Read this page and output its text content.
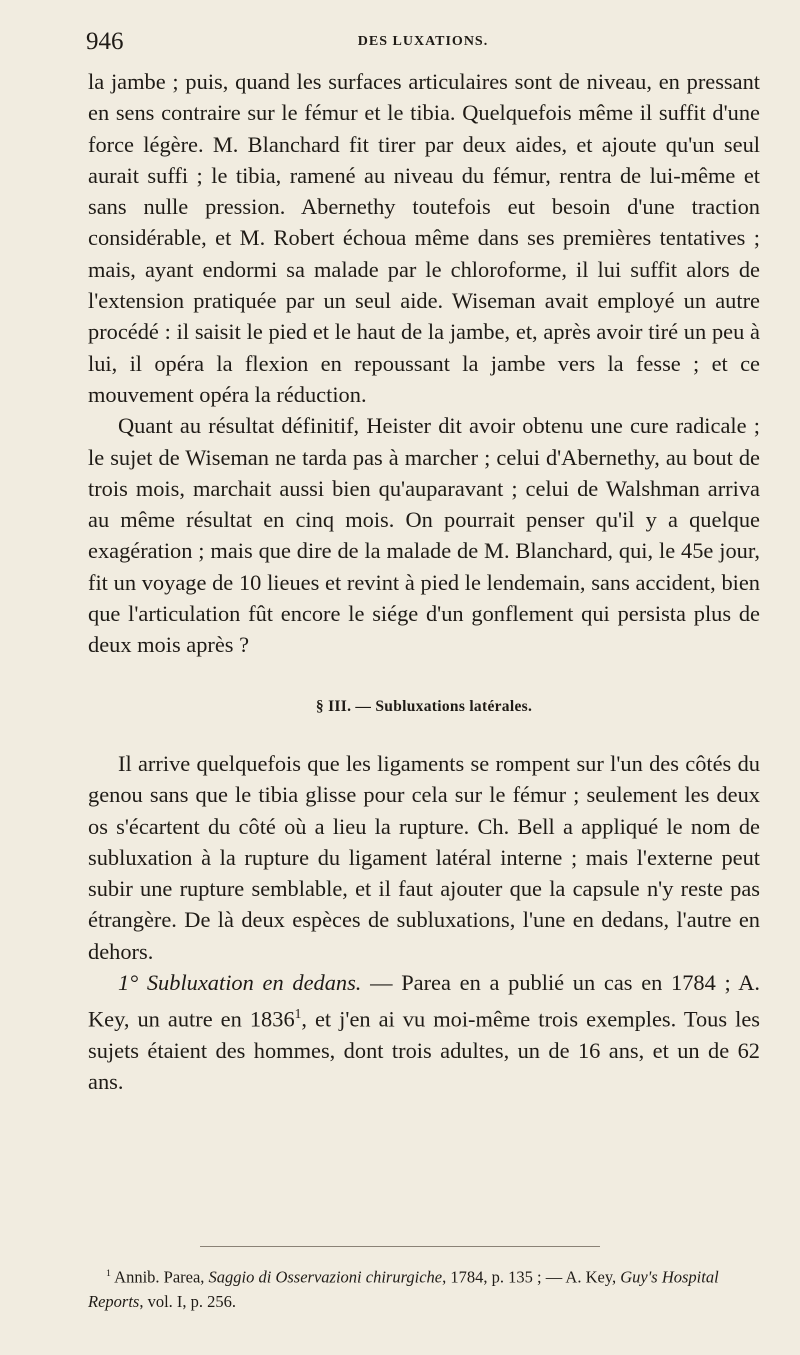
946	DES LUXATIONS.

la jambe ; puis, quand les surfaces articulaires sont de niveau, en pressant en sens contraire sur le fémur et le tibia. Quelquefois même il suffit d'une force légère. M. Blanchard fit tirer par deux aides, et ajoute qu'un seul aurait suffi ; le tibia, ramené au niveau du fémur, rentra de lui-même et sans nulle pression. Abernethy toutefois eut besoin d'une traction considérable, et M. Robert échoua même dans ses premières tentatives ; mais, ayant endormi sa malade par le chloroforme, il lui suffit alors de l'extension pratiquée par un seul aide. Wiseman avait employé un autre procédé : il saisit le pied et le haut de la jambe, et, après avoir tiré un peu à lui, il opéra la flexion en repoussant la jambe vers la fesse ; et ce mouvement opéra la réduction.

Quant au résultat définitif, Heister dit avoir obtenu une cure radicale ; le sujet de Wiseman ne tarda pas à marcher ; celui d'Abernethy, au bout de trois mois, marchait aussi bien qu'auparavant ; celui de Walshman arriva au même résultat en cinq mois. On pourrait penser qu'il y a quelque exagération ; mais que dire de la malade de M. Blanchard, qui, le 45e jour, fit un voyage de 10 lieues et revint à pied le lendemain, sans accident, bien que l'articulation fût encore le siége d'un gonflement qui persista plus de deux mois après ?

§ III. — Subluxations latérales.

Il arrive quelquefois que les ligaments se rompent sur l'un des côtés du genou sans que le tibia glisse pour cela sur le fémur ; seulement les deux os s'écartent du côté où a lieu la rupture. Ch. Bell a appliqué le nom de subluxation à la rupture du ligament latéral interne ; mais l'externe peut subir une rupture semblable, et il faut ajouter que la capsule n'y reste pas étrangère. De là deux espèces de subluxations, l'une en dedans, l'autre en dehors.

1° Subluxation en dedans. — Parea en a publié un cas en 1784 ; A. Key, un autre en 1836$^1$, et j'en ai vu moi-même trois exemples. Tous les sujets étaient des hommes, dont trois adultes, un de 16 ans, et un de 62 ans.

$^1$ Annib. Parea, Saggio di Osservazioni chirurgiche, 1784, p. 135 ; — A. Key, Guy's Hospital Reports, vol. I, p. 256.
